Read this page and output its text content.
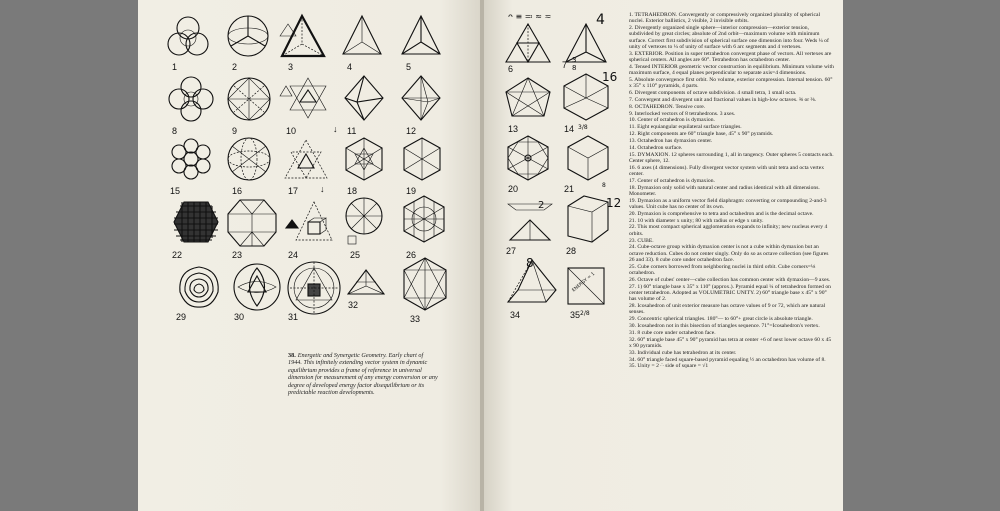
1	2	3	4	5
8	9	10	↓ 11	12
15	16	17 ↓	18	19
22	23	24	25	26
29	30	31
32
33
38. Energetic and Synergetic Geometry. Early chart of 1944. This infinitely extending vector system in dynamic equilibrium provides a frame of reference in universal dimension for measurement of any energy conversion or any degree of developed energy factor disequilibrium or its predictable reaction developments.
ᴖ ≡ ≕ ≈ ≂	4
6	7 3
8
16
13	14 3/8
20	21	8
2	12
27	28
8
ENERGY = 1
34	35 2/8
1. TETRAHEDRON. Convergently or compressively organized plurality of spherical nuclei. Exterior ballistics, 2 visible, 2 invisible orbits.
2. Divergently organized single sphere—interior compression—exterior tension, subdivided by great circles; absolute of 2nd orbit—maximum volume with minimum surface. Correct first subdivision of spherical surface one dimension into four. Weds ¼ of unity of vertexes to ¼ of unity of surface with 6 arc segments and 4 vertexes.
3. EXTERIOR. Position in super tetrahedron convergent phase of vectors. All vertexes are spherical centers. All angles are 60°. Tetrahedron has octahedron center.
4. Tensed INTERIOR geometric vector construction in equilibrium. Minimum volume with maximum surface, 4 equal planes perpendicular to separate axis=4 dimensions.
5. Absolute convergence first orbit. No volume, exterior compression. Internal tension. 60° x 35° x 110° pyramids, 4 parts.
6. Divergent components of octave subdivision. 4 small tetra, 1 small octa.
7. Convergent and divergent unit and fractional values in high-low octaves. ⅜ or ⅜.
8. OCTAHEDRON. Tensive core.
9. Interlocked vectors of 8 tetrahedrons. 3 axes.
10. Center of octahedron is dymaxion.
11. Eight equiangular equilateral surface triangles.
12. Right components are 60° triangle base, 45° x 90° pyramids.
13. Octahedron has dymaxion center.
14. Octahedron surface.
15. DYMAXION. 12 spheres surrounding 1, all in tangency. Outer spheres 5 contacts each. Center sphere, 12.
16. 6 axes (4 dimensions). Fully divergent vector system with unit tetra and octa vertex center.
17. Center of octahedron is dymaxion.
18. Dymaxion only solid with natural center and radius identical with all dimensions. Monometer.
19. Dymaxion as a uniform vector field diaphragm: converting or compounding 2-and-3 values. Unit cube has no center of its own.
20. Dymaxion is comprehensive to tetra and octahedron and is the decimal octave.
21. 10 with diameter x unity; 80 with radius or edge x unity.
22. This most compact spherical agglomeration expands to infinity; new nucleus every 4 orbits.
23. CUBE.
24. Cube-octave group within dymaxion center is not a cube within dymaxion but an octave reduction. Cubes do not center singly. Only do so as octave collection (see figures 26 and 33). 8 cube core under octahedron face.
25. Cube corners borrowed from neighboring nuclei in third orbit. Cube corners=⅛ octahedron.
26. Octave of cubes' center—cube collection has common center with dymaxion—9 axes.
27. 1) 60° triangle base x 35° x 110° (approx.). Pyramid equal ¼ of tetrahedron formed on center tetrahedron. Adopted as VOLUMETRIC UNITY. 2) 60° triangle base x 45° x 90° has volume of 2.
28. Icosahedron of unit exterior measure has octave values of 9 or 72, which are natural senses.
29. Concentric spherical triangles. 180°— to 60°+ great circle is absolute triangle.
30. Icosahedron not in this bisection of triangles sequence. 71°=Icosahedron's vertex.
31. 8 cube core under octahedron face.
32. 60° triangle base 45° x 90° pyramid has tetra at center +6 of next lower octave 60 x 45 x 90 pyramids.
33. Individual cube has tetrahedron at its center.
34. 60° triangle faced square-based pyramid equaling ½ an octahedron has volume of 8.
35. Unity = 2 ∴ side of square = √1
